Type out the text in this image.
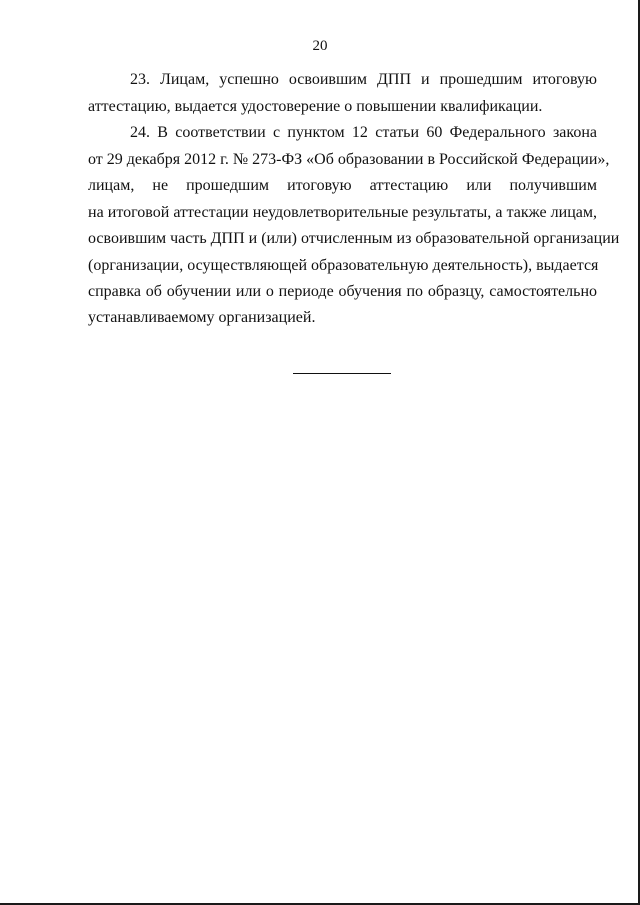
20
23. Лицам, успешно освоившим ДПП и прошедшим итоговую
аттестацию, выдается удостоверение о повышении квалификации.
24. В соответствии с пунктом 12 статьи 60 Федерального закона
от 29 декабря 2012 г. № 273-ФЗ «Об образовании в Российской Федерации»,
лицам, не прошедшим итоговую аттестацию или получившим
на итоговой аттестации неудовлетворительные результаты, а также лицам,
освоившим часть ДПП и (или) отчисленным из образовательной организации
(организации, осуществляющей образовательную деятельность), выдается
справка об обучении или о периоде обучения по образцу, самостоятельно
устанавливаемому организацией.
